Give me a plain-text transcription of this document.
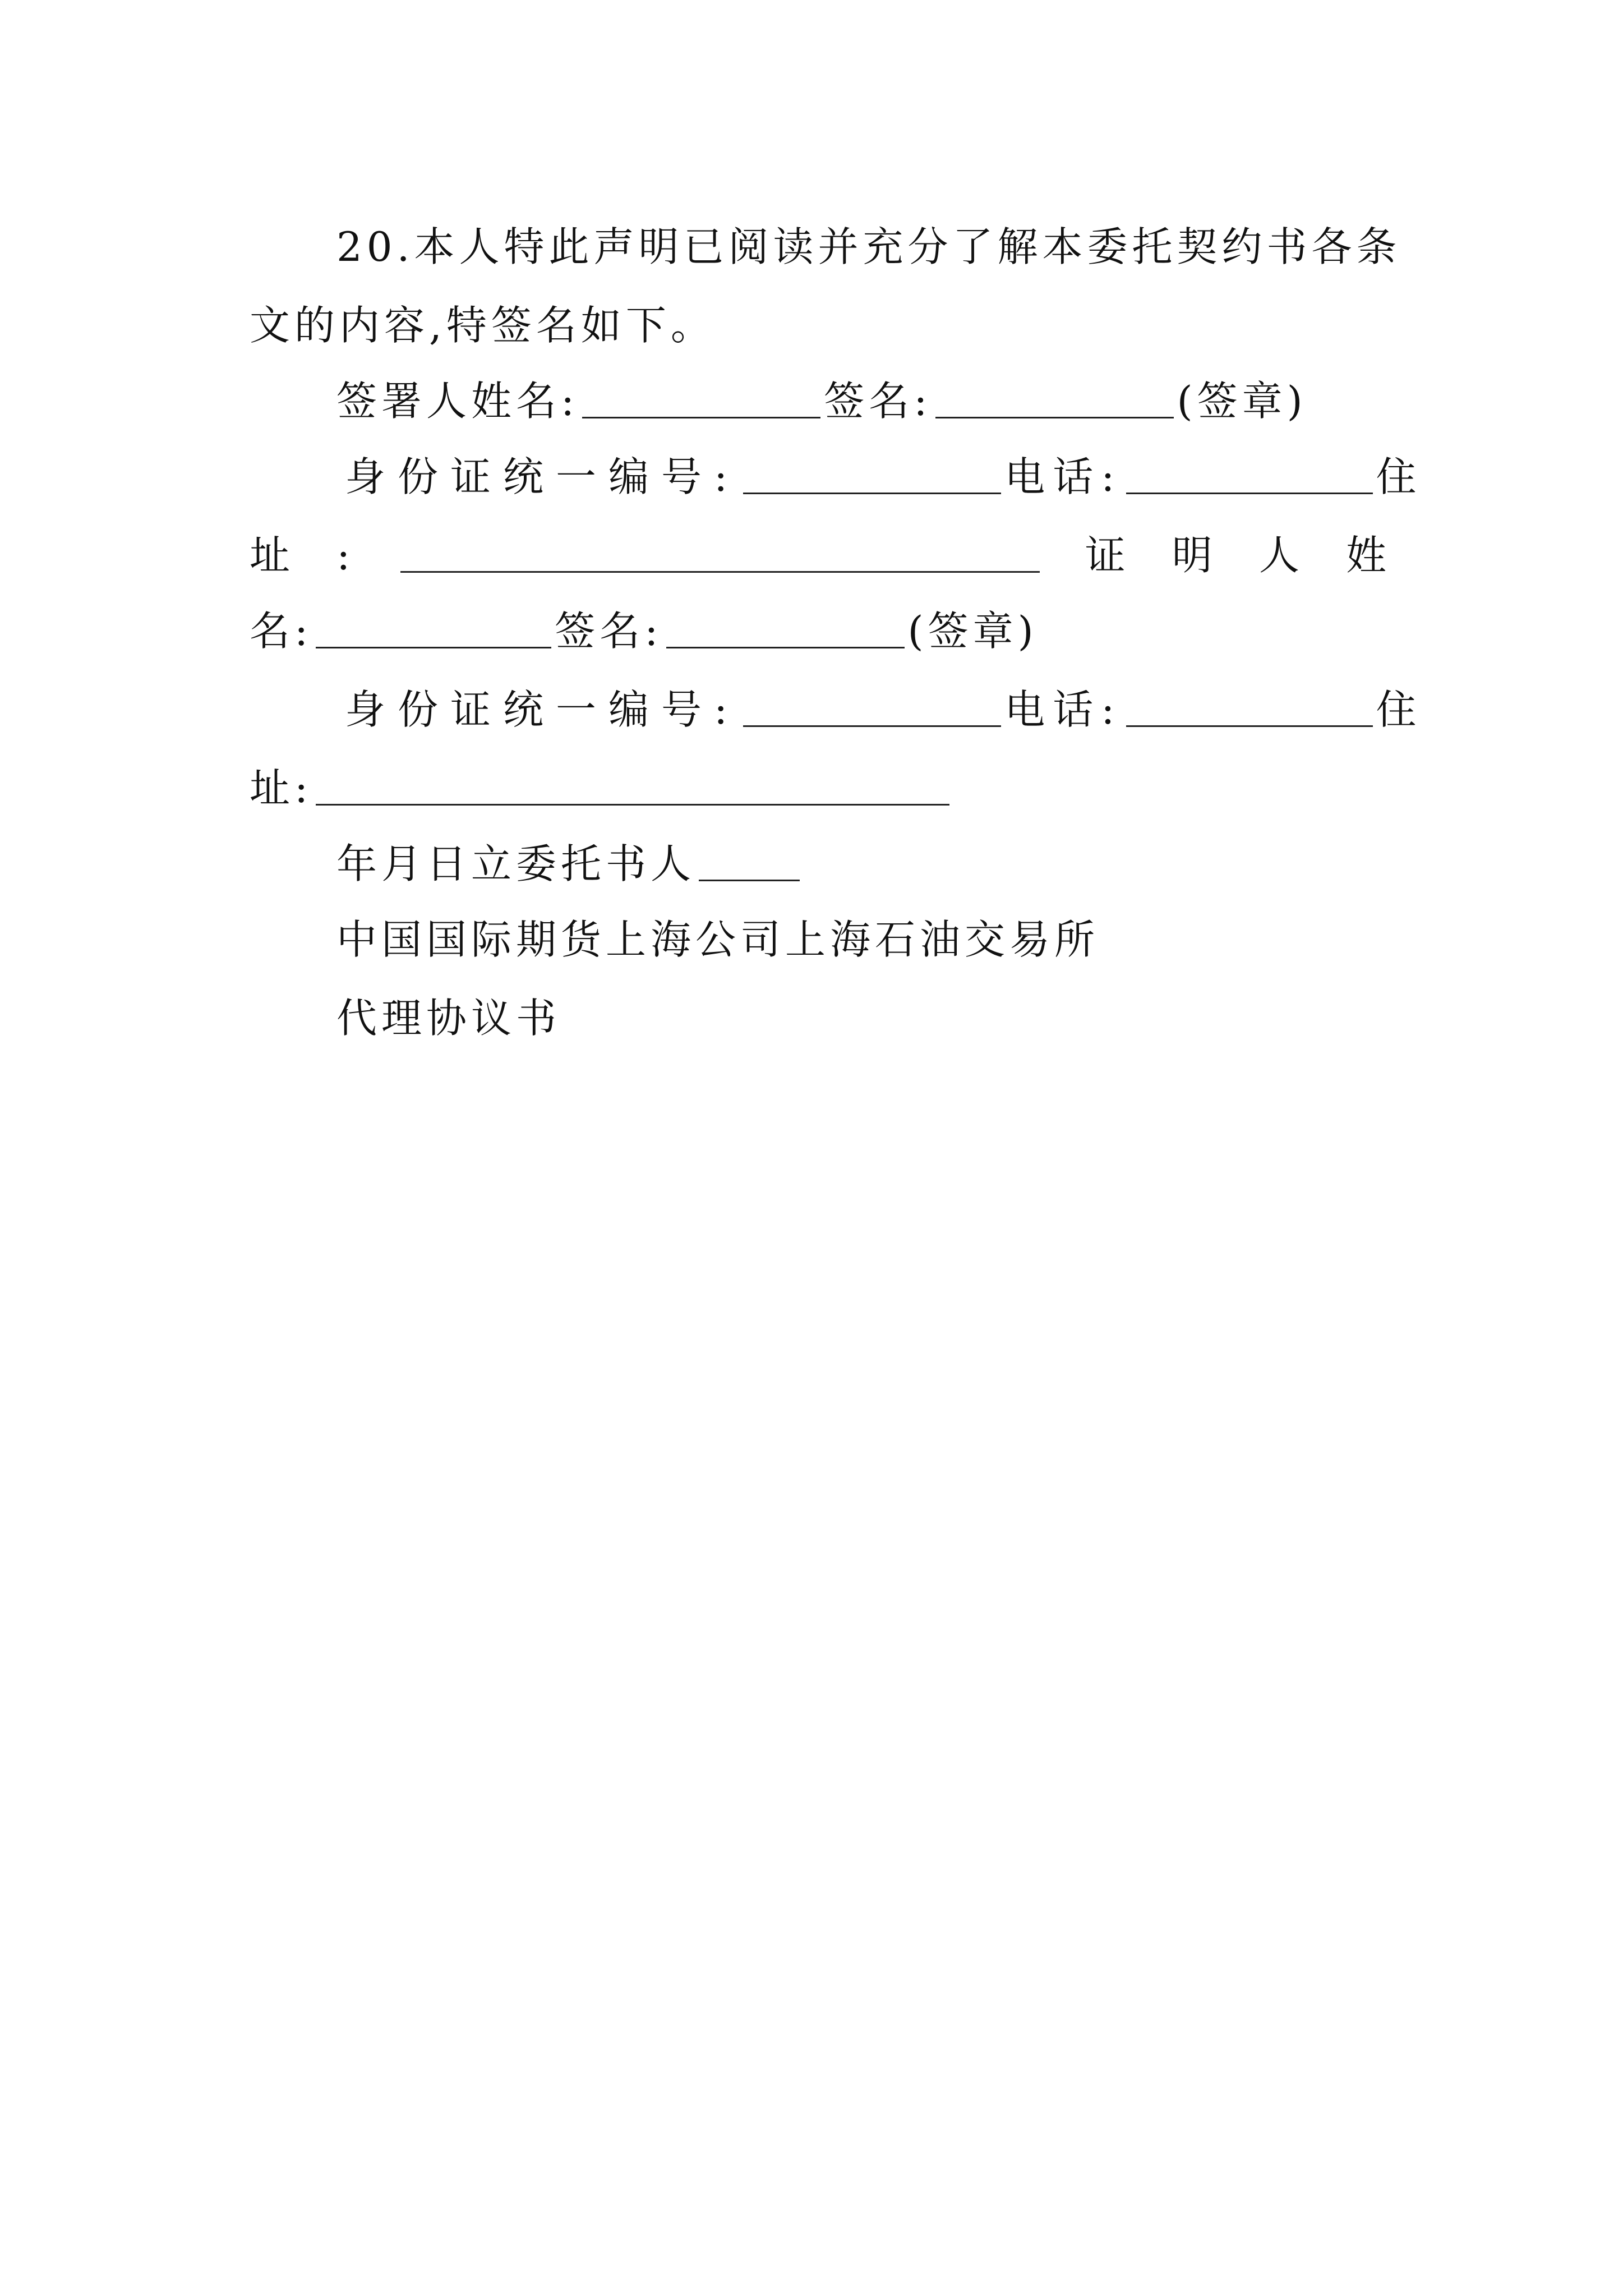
20.本人特此声明已阅读并充分了解本委托契约书各条
文的内容,特签名如下。
签署人姓名:	签名:	(签章)
身份证统一编号:	电话:	住
址 :	证 明 人 姓
名:	签名:	(签章)
身份证统一编号:	电话:	住
址:
年月日立委托书人
中国国际期货上海公司上海石油交易所
代理协议书
